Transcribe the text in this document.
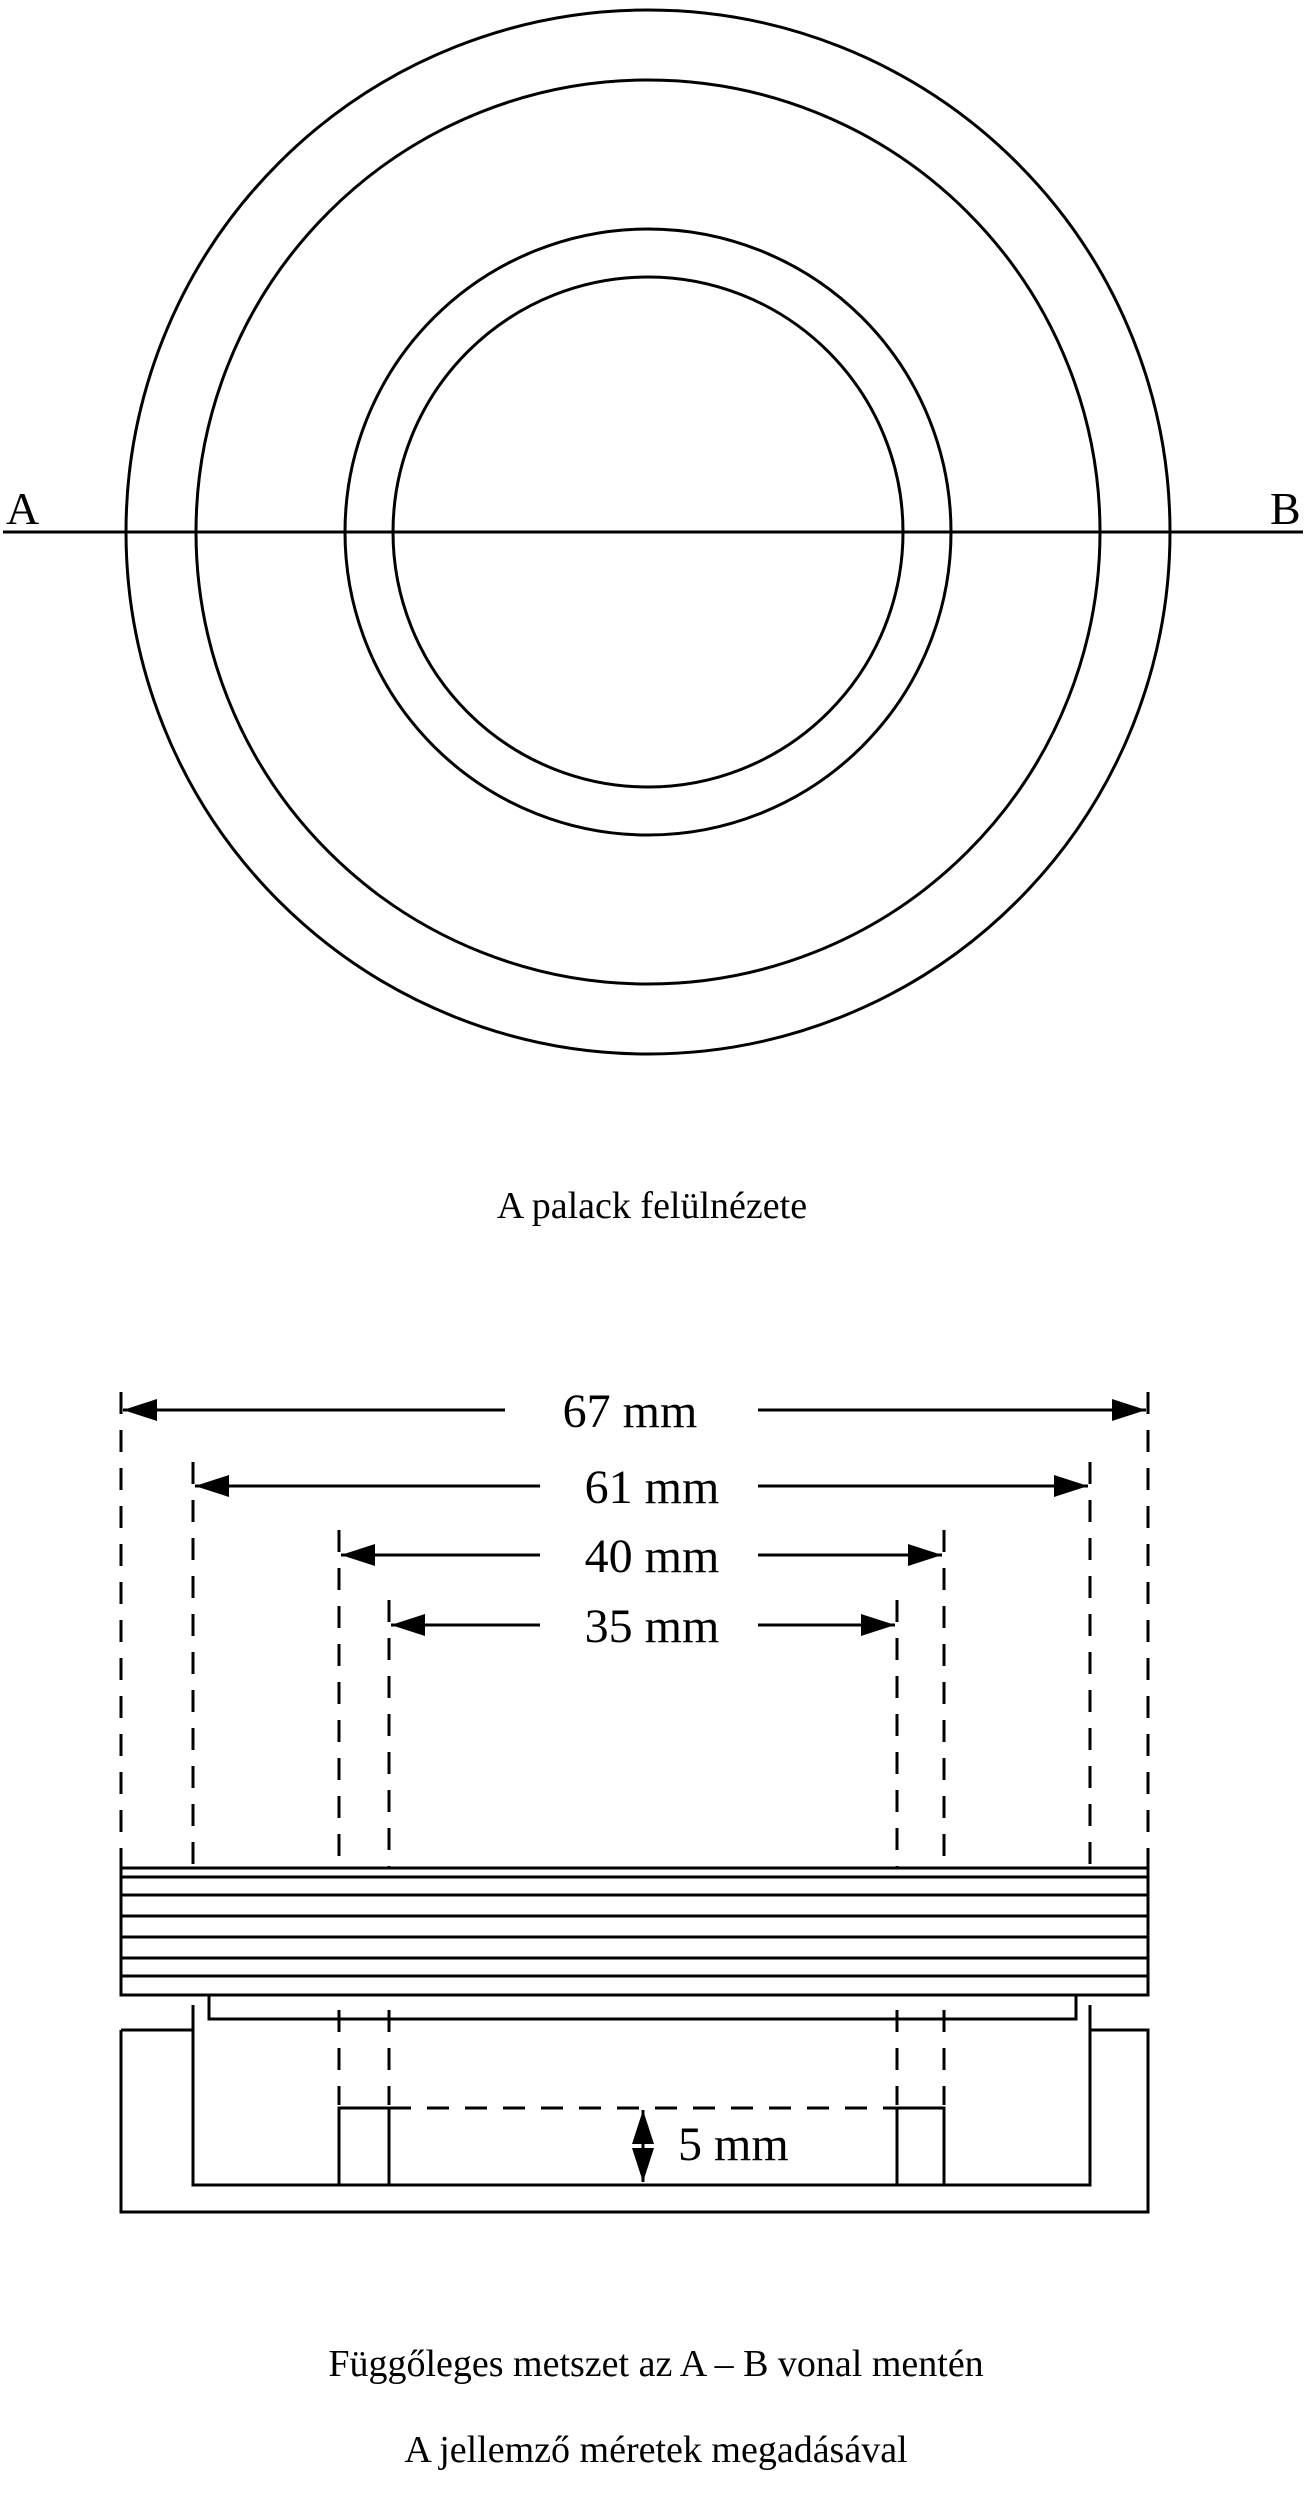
A	B
A palack felülnézete
67 mm
61 mm
40 mm
35 mm
5 mm
Függőleges metszet az A – B vonal mentén
A jellemző méretek megadásával
